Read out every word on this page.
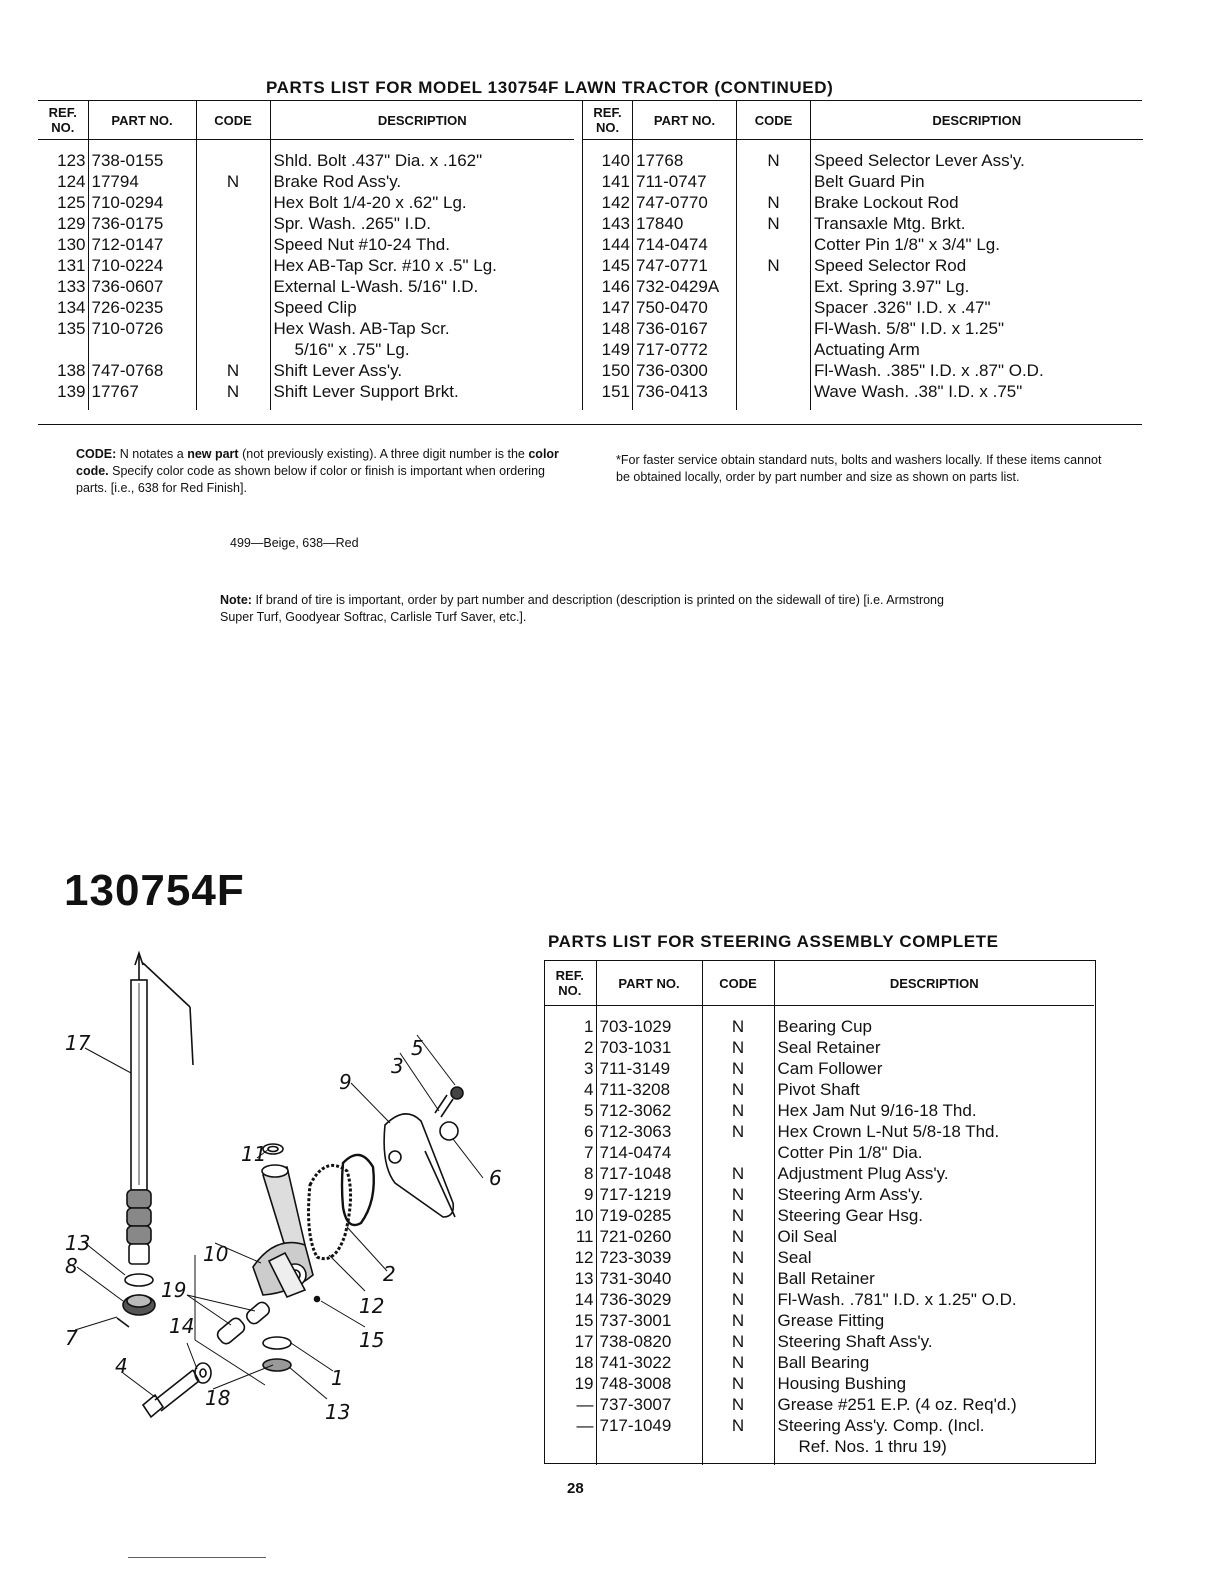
PARTS LIST FOR MODEL 130754F LAWN TRACTOR (CONTINUED)
REF. NO.	PART NO.	CODE	DESCRIPTION
123	738-0155		Shld. Bolt .437" Dia. x .162"
124	17794	N	Brake Rod Ass'y.
125	710-0294		Hex Bolt 1/4-20 x .62" Lg.
129	736-0175		Spr. Wash. .265" I.D.
130	712-0147		Speed Nut #10-24 Thd.
131	710-0224		Hex AB-Tap Scr. #10 x .5" Lg.
133	736-0607		External L-Wash. 5/16" I.D.
134	726-0235		Speed Clip
135	710-0726		Hex Wash. AB-Tap Scr.
			5/16" x .75" Lg.
138	747-0768	N	Shift Lever Ass'y.
139	17767	N	Shift Lever Support Brkt.

REF. NO.	PART NO.	CODE	DESCRIPTION
140	17768	N	Speed Selector Lever Ass'y.
141	711-0747		Belt Guard Pin
142	747-0770	N	Brake Lockout Rod
143	17840	N	Transaxle Mtg. Brkt.
144	714-0474		Cotter Pin 1/8" x 3/4" Lg.
145	747-0771	N	Speed Selector Rod
146	732-0429A		Ext. Spring 3.97" Lg.
147	750-0470		Spacer .326" I.D. x .47"
148	736-0167		Fl-Wash. 5/8" I.D. x 1.25"
149	717-0772		Actuating Arm
150	736-0300		Fl-Wash. .385" I.D. x .87" O.D.
151	736-0413		Wave Wash. .38" I.D. x .75"

CODE: N notates a new part (not previously existing). A three digit number is the color code. Specify color code as shown below if color or finish is important when ordering parts. [i.e., 638 for Red Finish].
*For faster service obtain standard nuts, bolts and washers locally. If these items cannot be obtained locally, order by part number and size as shown on parts list.
499—Beige, 638—Red
Note: If brand of tire is important, order by part number and description (description is printed on the sidewall of tire) [i.e. Armstrong Super Turf, Goodyear Softrac, Carlisle Turf Saver, etc.].
130754F
17
13
8
7
4
14
19
18
10
11
9
3
5
6
2
12
15
1
13
PARTS LIST FOR STEERING ASSEMBLY COMPLETE
REF. NO.	PART NO.	CODE	DESCRIPTION
1	703-1029	N	Bearing Cup
2	703-1031	N	Seal Retainer
3	711-3149	N	Cam Follower
4	711-3208	N	Pivot Shaft
5	712-3062	N	Hex Jam Nut 9/16-18 Thd.
6	712-3063	N	Hex Crown L-Nut 5/8-18 Thd.
7	714-0474		Cotter Pin 1/8" Dia.
8	717-1048	N	Adjustment Plug Ass'y.
9	717-1219	N	Steering Arm Ass'y.
10	719-0285	N	Steering Gear Hsg.
11	721-0260	N	Oil Seal
12	723-3039	N	Seal
13	731-3040	N	Ball Retainer
14	736-3029	N	Fl-Wash. .781" I.D. x 1.25" O.D.
15	737-3001	N	Grease Fitting
17	738-0820	N	Steering Shaft Ass'y.
18	741-3022	N	Ball Bearing
19	748-3008	N	Housing Bushing
—	737-3007	N	Grease #251 E.P. (4 oz. Req'd.)
—	717-1049	N	Steering Ass'y. Comp. (Incl.
			Ref. Nos. 1 thru 19)

28
